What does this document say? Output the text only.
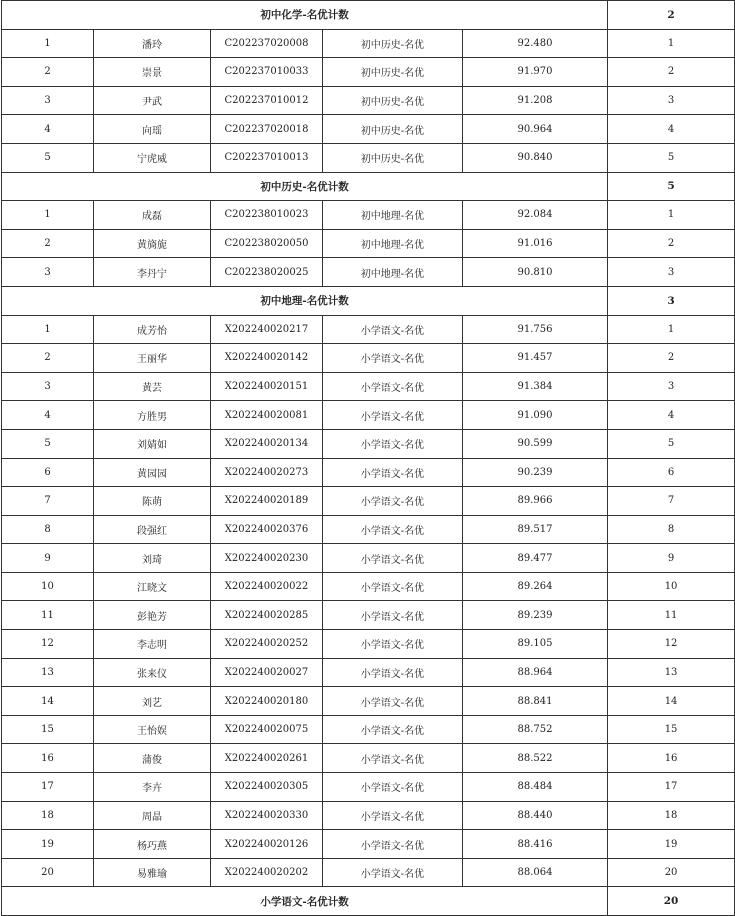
初中化学-名优计数					2
1	潘玲	C202237020008	初中历史-名优	92.480	1
2	崇景	C202237010033	初中历史-名优	91.970	2
3	尹武	C202237010012	初中历史-名优	91.208	3
4	向瑶	C202237020018	初中历史-名优	90.964	4
5	宁虎威	C202237010013	初中历史-名优	90.840	5
初中历史-名优计数					5
1	成磊	C202238010023	初中地理-名优	92.084	1
2	黄旖旎	C202238020050	初中地理-名优	91.016	2
3	李丹宁	C202238020025	初中地理-名优	90.810	3
初中地理-名优计数					3
1	成芳怡	X202240020217	小学语文-名优	91.756	1
2	王丽华	X202240020142	小学语文-名优	91.457	2
3	黄芸	X202240020151	小学语文-名优	91.384	3
4	方胜男	X202240020081	小学语文-名优	91.090	4
5	刘婧如	X202240020134	小学语文-名优	90.599	5
6	黄园园	X202240020273	小学语文-名优	90.239	6
7	陈萌	X202240020189	小学语文-名优	89.966	7
8	段强红	X202240020376	小学语文-名优	89.517	8
9	刘琦	X202240020230	小学语文-名优	89.477	9
10	江晓文	X202240020022	小学语文-名优	89.264	10
11	彭艳芳	X202240020285	小学语文-名优	89.239	11
12	李志明	X202240020252	小学语文-名优	89.105	12
13	张来仪	X202240020027	小学语文-名优	88.964	13
14	刘艺	X202240020180	小学语文-名优	88.841	14
15	王怡娱	X202240020075	小学语文-名优	88.752	15
16	蒲俊	X202240020261	小学语文-名优	88.522	16
17	李卉	X202240020305	小学语文-名优	88.484	17
18	周晶	X202240020330	小学语文-名优	88.440	18
19	杨巧燕	X202240020126	小学语文-名优	88.416	19
20	易雅瑜	X202240020202	小学语文-名优	88.064	20
小学语文-名优计数					20
